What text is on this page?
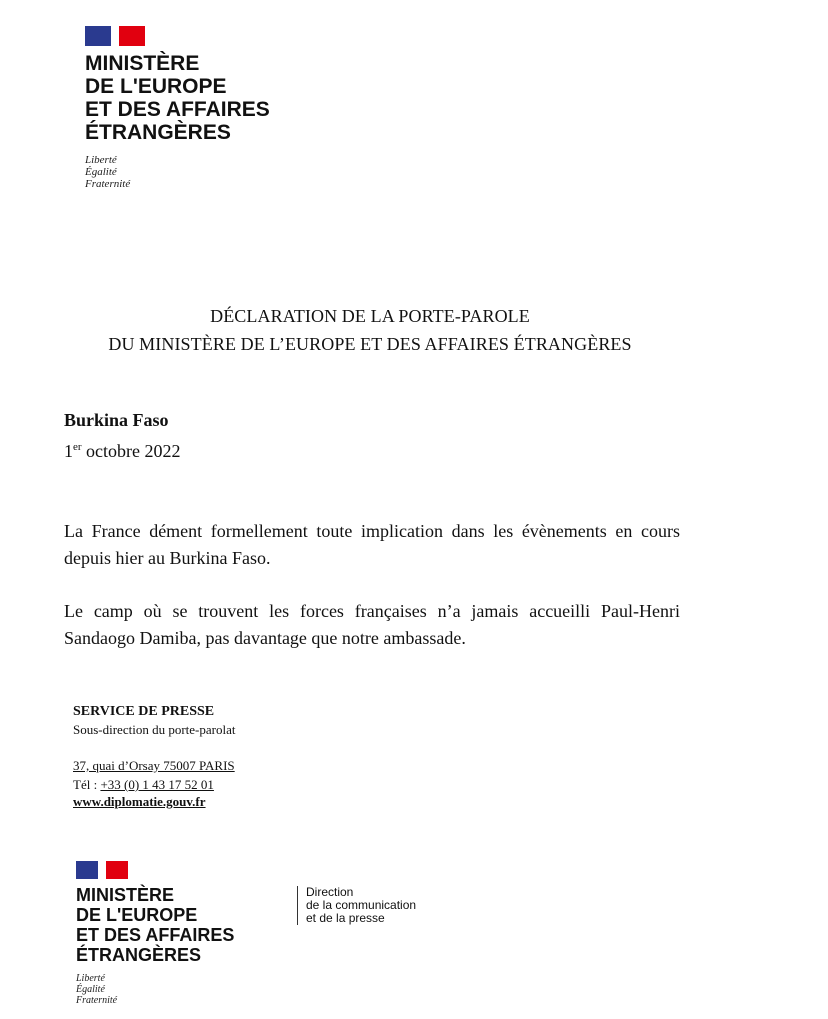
MINISTÈRE
DE L'EUROPE
ET DES AFFAIRES
ÉTRANGÈRES
Liberté
Égalité
Fraternité
DÉCLARATION DE LA PORTE-PAROLE
DU MINISTÈRE DE L’EUROPE ET DES AFFAIRES ÉTRANGÈRES
Burkina Faso
1er octobre 2022
La France dément formellement toute implication dans les évènements en cours depuis hier au Burkina Faso.
Le camp où se trouvent les forces françaises n’a jamais accueilli Paul-Henri Sandaogo Damiba, pas davantage que notre ambassade.
SERVICE DE PRESSE
Sous-direction du porte-parolat
37, quai d’Orsay 75007 PARIS
Tél : +33 (0) 1 43 17 52 01
www.diplomatie.gouv.fr
MINISTÈRE
DE L'EUROPE
ET DES AFFAIRES
ÉTRANGÈRES
Liberté
Égalité
Fraternité
Direction
de la communication
et de la presse
